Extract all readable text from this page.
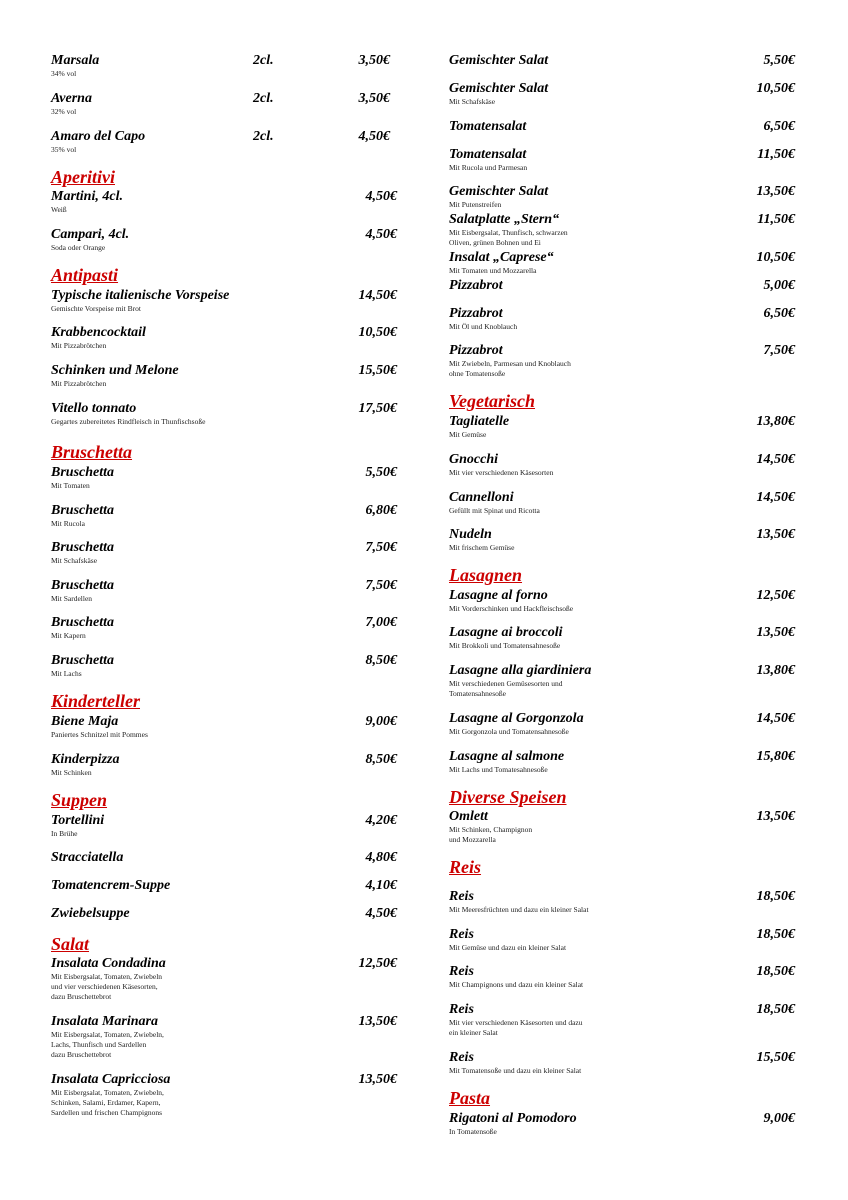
Marsala	2cl.	3,50€
34% vol
Averna	2cl.	3,50€
32% vol
Amaro del Capo	2cl.	4,50€
35% vol
Aperitivi
Martini, 4cl.	4,50€
Weiß
Campari, 4cl.	4,50€
Soda oder Orange
Antipasti
Typische italienische Vorspeise	14,50€
Gemischte Vorspeise mit Brot
Krabbencocktail	10,50€
Mit Pizzabrötchen
Schinken und Melone	15,50€
Mit Pizzabrötchen
Vitello tonnato	17,50€
Gegartes zubereitetes Rindfleisch in Thunfischsoße
Bruschetta
Bruschetta	5,50€
Mit Tomaten
Bruschetta	6,80€
Mit Rucola
Bruschetta	7,50€
Mit Schafskäse
Bruschetta	7,50€
Mit Sardellen
Bruschetta	7,00€
Mit Kapern
Bruschetta	8,50€
Mit Lachs
Kinderteller
Biene Maja	9,00€
Paniertes Schnitzel mit Pommes
Kinderpizza	8,50€
Mit Schinken
Suppen
Tortellini	4,20€
In Brühe
Stracciatella	4,80€
Tomatencrem-Suppe	4,10€
Zwiebelsuppe	4,50€
Salat
Insalata Condadina	12,50€
Mit Eisbergsalat, Tomaten, Zwiebeln
und vier verschiedenen Käsesorten,
dazu Bruschettebrot
Insalata Marinara	13,50€
Mit Eisbergsalat, Tomaten, Zwiebeln,
Lachs, Thunfisch und Sardellen
dazu Bruschettebrot
Insalata Capricciosa	13,50€
Mit Eisbergsalat, Tomaten, Zwiebeln,
Schinken, Salami, Erdamer, Kapern,
Sardellen und frischen Champignons
Gemischter Salat	5,50€
Gemischter Salat	10,50€
Mit Schafskäse
Tomatensalat	6,50€
Tomatensalat	11,50€
Mit Rucola und Parmesan
Gemischter Salat	13,50€
Mit Putenstreifen
Salatplatte „Stern“	11,50€
Mit Eisbergsalat, Thunfisch, schwarzen
Oliven, grünen Bohnen und Ei
Insalat „Caprese“	10,50€
Mit Tomaten und Mozzarella
Pizzabrot	5,00€
Pizzabrot	6,50€
Mit Öl und Knoblauch
Pizzabrot	7,50€
Mit Zwiebeln, Parmesan und Knoblauch
ohne Tomatensoße
Vegetarisch
Tagliatelle	13,80€
Mit Gemüse
Gnocchi	14,50€
Mit vier verschiedenen Käsesorten
Cannelloni	14,50€
Gefüllt mit Spinat und Ricotta
Nudeln	13,50€
Mit frischem Gemüse
Lasagnen
Lasagne al forno	12,50€
Mit Vorderschinken und Hackfleischsoße
Lasagne ai broccoli	13,50€
Mit Brokkoli und Tomatensahnesoße
Lasagne alla giardiniera	13,80€
Mit verschiedenen Gemüsesorten und
Tomatensahnesoße
Lasagne al Gorgonzola	14,50€
Mit Gorgonzola und Tomatensahnesoße
Lasagne al salmone	15,80€
Mit Lachs und Tomatesahnesoße
Diverse Speisen
Omlett	13,50€
Mit Schinken, Champignon
und Mozzarella
Reis
Reis	18,50€
Mit Meeresfrüchten und dazu ein kleiner Salat
Reis	18,50€
Mit Gemüse und dazu ein kleiner Salat
Reis	18,50€
Mit Champignons und dazu ein kleiner Salat
Reis	18,50€
Mit vier verschiedenen Käsesorten und dazu
ein kleiner Salat
Reis	15,50€
Mit Tomatensoße und dazu ein kleiner Salat
Pasta
Rigatoni al Pomodoro	9,00€
In Tomatensoße
